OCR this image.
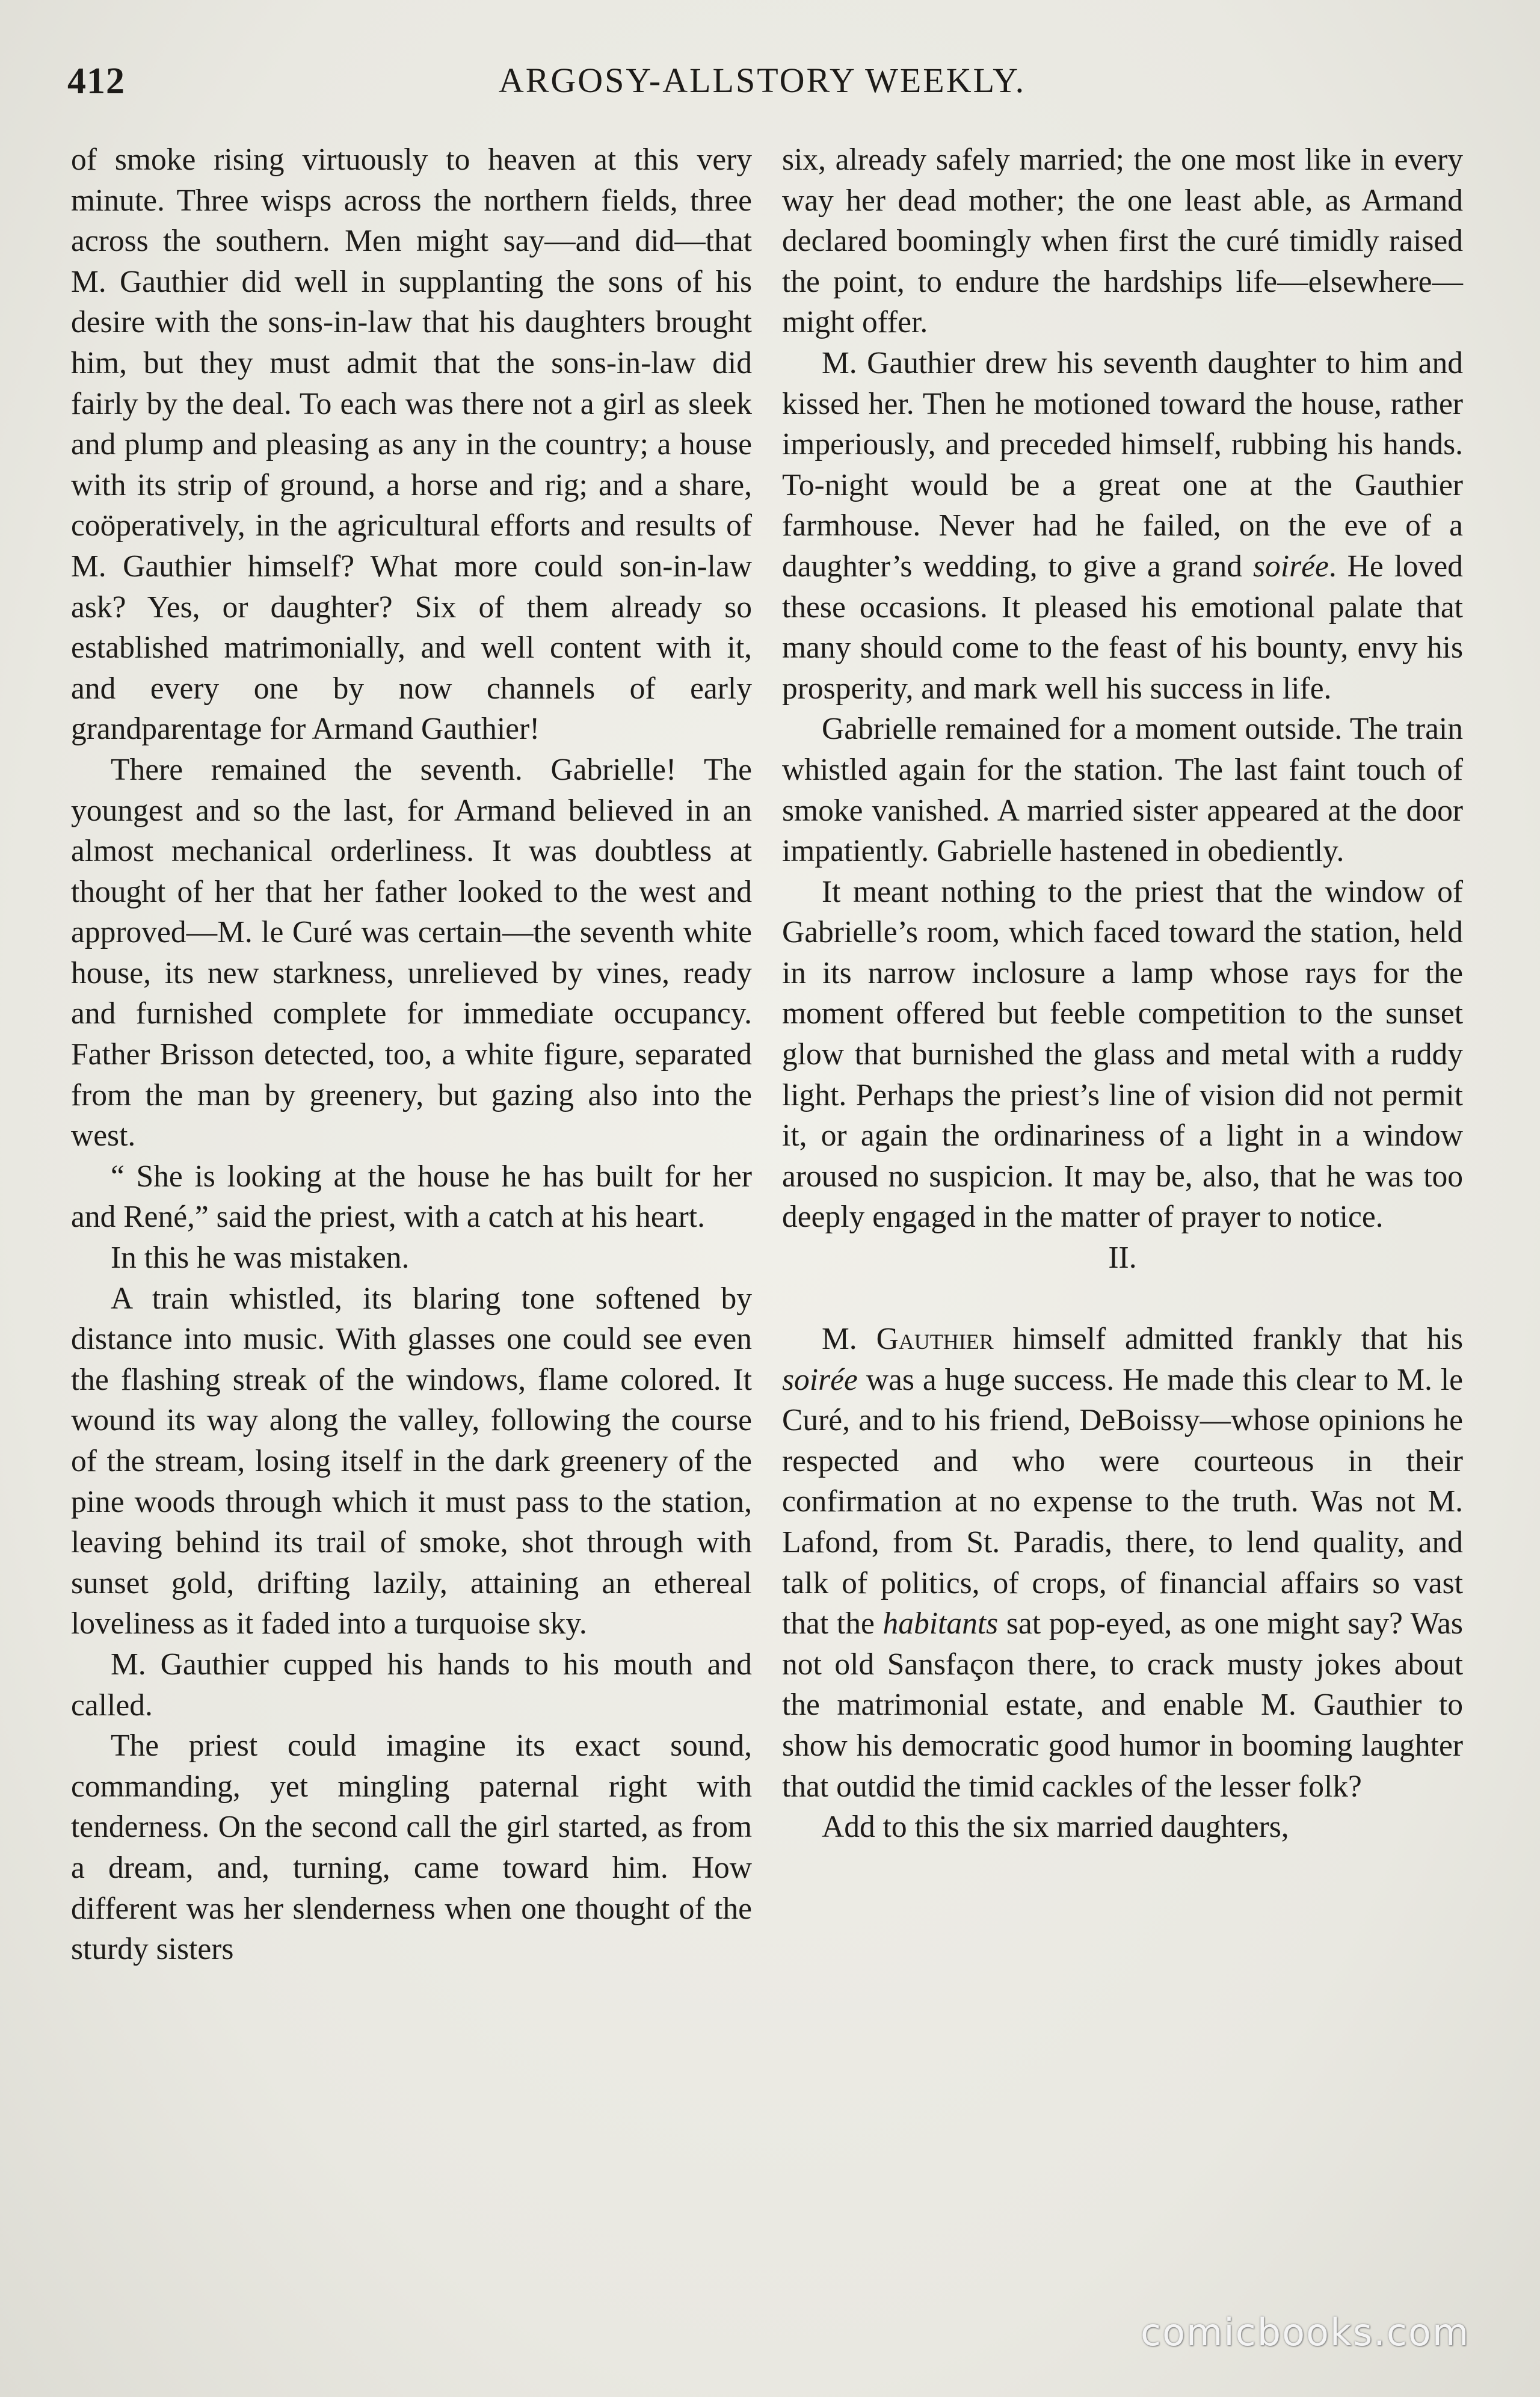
412	ARGOSY-ALLSTORY WEEKLY.

of smoke rising virtuously to heaven at this very minute. Three wisps across the northern fields, three across the southern. Men might say—and did—that M. Gauthier did well in supplanting the sons of his desire with the sons-in-law that his daughters brought him, but they must admit that the sons-in-law did fairly by the deal. To each was there not a girl as sleek and plump and pleasing as any in the country; a house with its strip of ground, a horse and rig; and a share, coöperatively, in the agricultural efforts and results of M. Gauthier himself? What more could son-in-law ask? Yes, or daughter? Six of them already so established matrimonially, and well content with it, and every one by now channels of early grandparentage for Armand Gauthier!

There remained the seventh. Gabrielle! The youngest and so the last, for Armand believed in an almost mechanical orderliness. It was doubtless at thought of her that her father looked to the west and approved—M. le Curé was certain—the seventh white house, its new starkness, unrelieved by vines, ready and furnished complete for immediate occupancy. Father Brisson detected, too, a white figure, separated from the man by greenery, but gazing also into the west.

“ She is looking at the house he has built for her and René,” said the priest, with a catch at his heart.

In this he was mistaken.

A train whistled, its blaring tone softened by distance into music. With glasses one could see even the flashing streak of the windows, flame colored. It wound its way along the valley, following the course of the stream, losing itself in the dark greenery of the pine woods through which it must pass to the station, leaving behind its trail of smoke, shot through with sunset gold, drifting lazily, attaining an ethereal loveliness as it faded into a turquoise sky.

M. Gauthier cupped his hands to his mouth and called.

The priest could imagine its exact sound, commanding, yet mingling paternal right with tenderness. On the second call the girl started, as from a dream, and, turning, came toward him. How different was her slenderness when one thought of the sturdy sisters

six, already safely married; the one most like in every way her dead mother; the one least able, as Armand declared boomingly when first the curé timidly raised the point, to endure the hardships life—elsewhere—might offer.

M. Gauthier drew his seventh daughter to him and kissed her. Then he motioned toward the house, rather imperiously, and preceded himself, rubbing his hands. To-night would be a great one at the Gauthier farmhouse. Never had he failed, on the eve of a daughter’s wedding, to give a grand soirée. He loved these occasions. It pleased his emotional palate that many should come to the feast of his bounty, envy his prosperity, and mark well his success in life.

Gabrielle remained for a moment outside. The train whistled again for the station. The last faint touch of smoke vanished. A married sister appeared at the door impatiently. Gabrielle hastened in obediently.

It meant nothing to the priest that the window of Gabrielle’s room, which faced toward the station, held in its narrow inclosure a lamp whose rays for the moment offered but feeble competition to the sunset glow that burnished the glass and metal with a ruddy light. Perhaps the priest’s line of vision did not permit it, or again the ordinariness of a light in a window aroused no suspicion. It may be, also, that he was too deeply engaged in the matter of prayer to notice.

II.

M. Gauthier himself admitted frankly that his soirée was a huge success. He made this clear to M. le Curé, and to his friend, DeBoissy—whose opinions he respected and who were courteous in their confirmation at no expense to the truth. Was not M. Lafond, from St. Paradis, there, to lend quality, and talk of politics, of crops, of financial affairs so vast that the habitants sat pop-eyed, as one might say? Was not old Sansfaçon there, to crack musty jokes about the matrimonial estate, and enable M. Gauthier to show his democratic good humor in booming laughter that outdid the timid cackles of the lesser folk?

Add to this the six married daughters,

comicbooks.com
